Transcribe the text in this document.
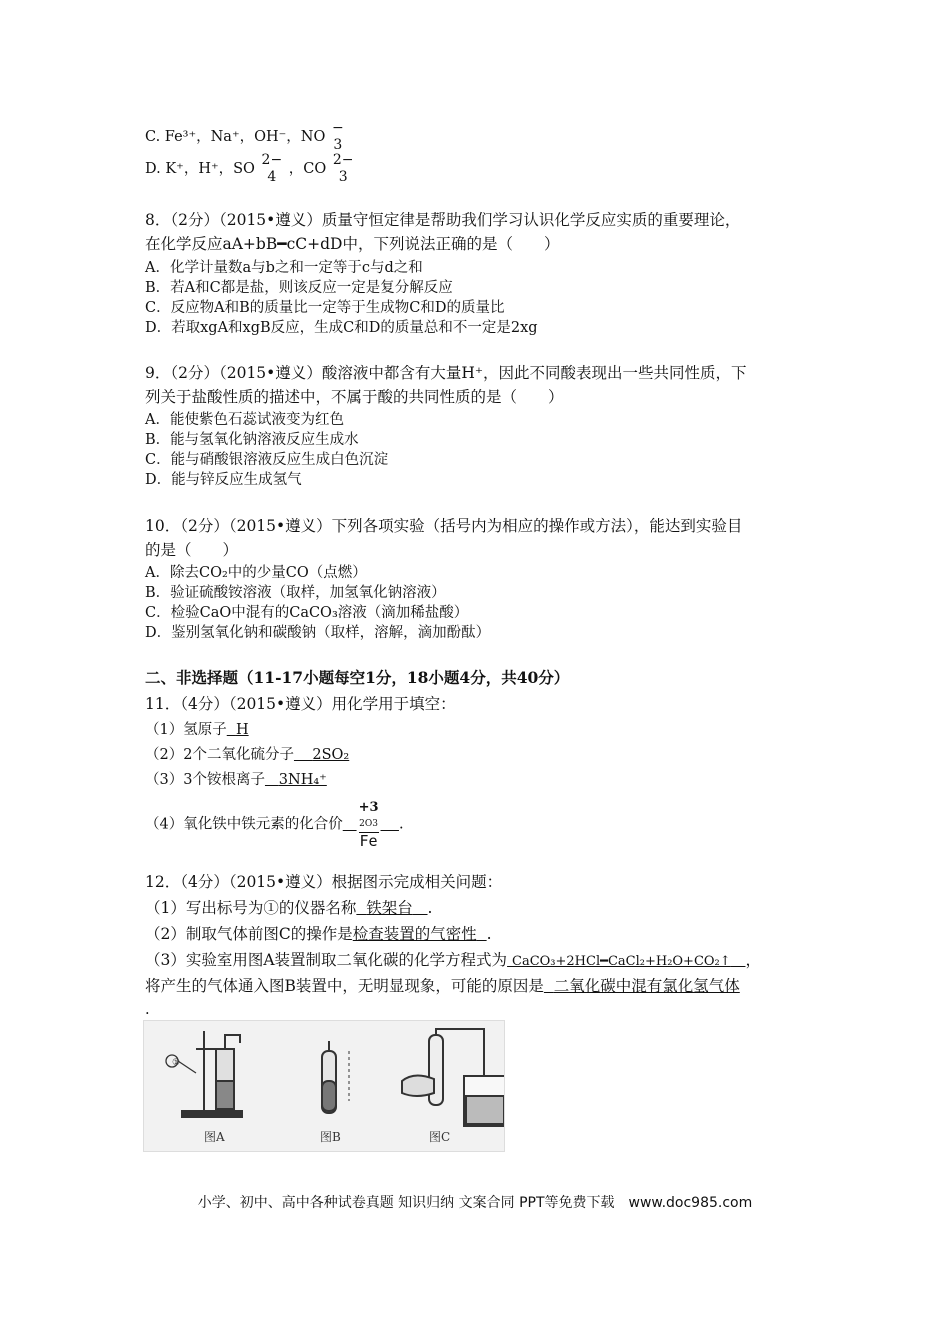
C. Fe³⁺，Na⁺，OH⁻，NO
−
3
D. K⁺，H⁺，SO
2−
4 ，CO
2−
3
8．（2分）（2015•遵义）质量守恒定律是帮助我们学习认识化学反应实质的重要理论，
在化学反应aA+bB━cC+dD中，下列说法正确的是（　　）
A．化学计量数a与b之和一定等于c与d之和
B．若A和C都是盐，则该反应一定是复分解反应
C．反应物A和B的质量比一定等于生成物C和D的质量比
D．若取xgA和xgB反应，生成C和D的质量总和不一定是2xg
9．（2分）（2015•遵义）酸溶液中都含有大量H⁺，因此不同酸表现出一些共同性质，下
列关于盐酸性质的描述中，不属于酸的共同性质的是（　　）
A．能使紫色石蕊试液变为红色
B．能与氢氧化钠溶液反应生成水
C．能与硝酸银溶液反应生成白色沉淀
D．能与锌反应生成氢气
10．（2分）（2015•遵义）下列各项实验（括号内为相应的操作或方法），能达到实验目
的是（　　）
A．除去CO₂中的少量CO（点燃）
B．验证硫酸铵溶液（取样，加氢氧化钠溶液）
C．检验CaO中混有的CaCO₃溶液（滴加稀盐酸）
D．鉴别氢氧化钠和碳酸钠（取样，溶解，滴加酚酞）
二、非选择题（11-17小题每空1分，18小题4分，共40分）
11．（4分）（2015•遵义）用化学用于填空：
（1）氢原子 H
（2）2个二氧化硫分子 2SO₂
（3）3个铵根离子 3NH₄⁺
（4）氧化铁中铁元素的化合价 +3
2O3
Fe .
12．（4分）（2015•遵义）根据图示完成相关问题：
（1）写出标号为①的仪器名称 铁架台 .
（2）制取气体前图C的操作是检查装置的气密性 .
（3）实验室用图A装置制取二氧化碳的化学方程式为 CaCO₃+2HCl━CaCl₂+H₂O+CO₂↑ ，
将产生的气体通入图B装置中，无明显现象，可能的原因是 二氧化碳中混有氯化氢气体
.
①
图A	图B	图C
小学、初中、高中各种试卷真题 知识归纳 文案合同 PPT等免费下载　www.doc985.com
